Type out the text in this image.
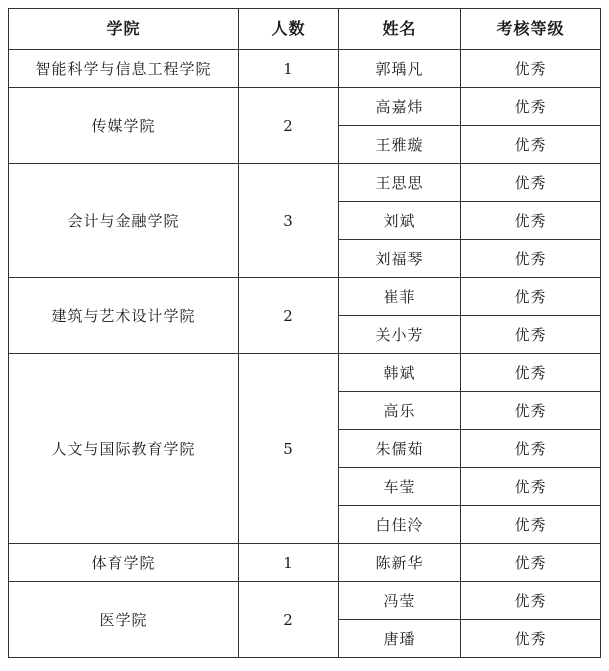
学院	人数	姓名	考核等级
智能科学与信息工程学院	1	郭瑀凡	优秀
传媒学院	2	高嘉炜	优秀
		王雅璇	优秀
会计与金融学院	3	王思思	优秀
		刘斌	优秀
		刘福琴	优秀
建筑与艺术设计学院	2	崔菲	优秀
		关小芳	优秀
人文与国际教育学院	5	韩斌	优秀
		高乐	优秀
		朱儒茹	优秀
		车莹	优秀
		白佳泠	优秀
体育学院	1	陈新华	优秀
医学院	2	冯莹	优秀
		唐璠	优秀
